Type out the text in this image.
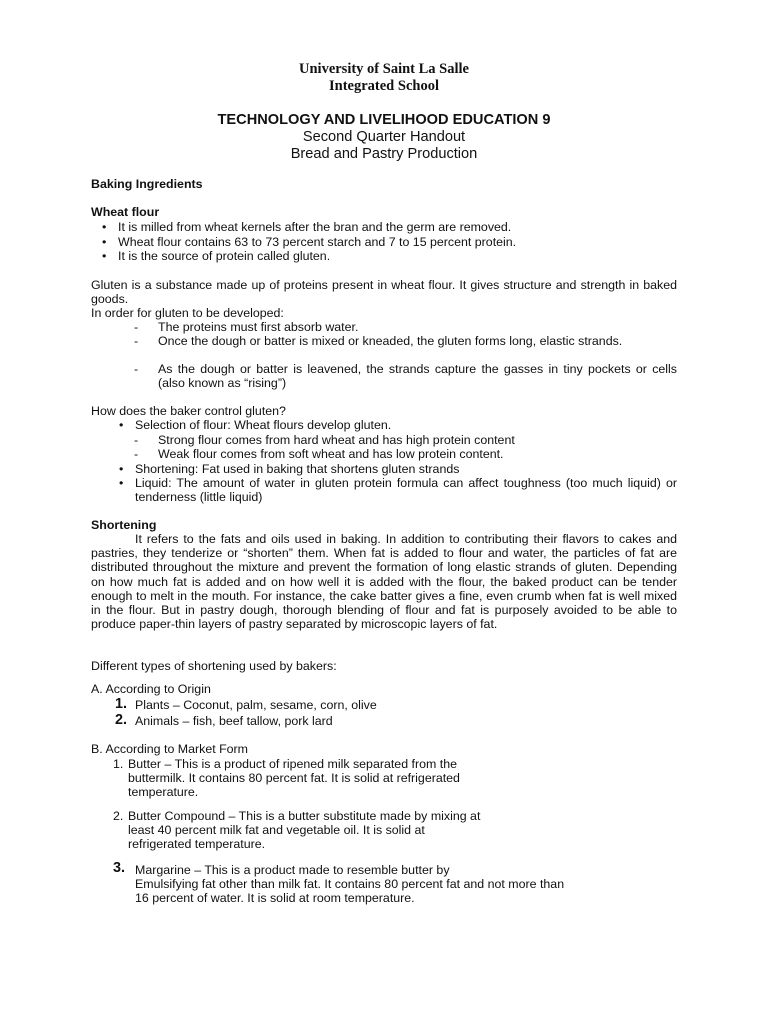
University of Saint La Salle
Integrated School
TECHNOLOGY AND LIVELIHOOD EDUCATION 9
Second Quarter Handout
Bread and Pastry Production
Baking Ingredients
Wheat flour
• It is milled from wheat kernels after the bran and the germ are removed.
• Wheat flour contains 63 to 73 percent starch and 7 to 15 percent protein.
• It is the source of protein called gluten.
Gluten is a substance made up of proteins present in wheat flour. It gives structure and strength in baked goods.
In order for gluten to be developed:
- The proteins must first absorb water.
- Once the dough or batter is mixed or kneaded, the gluten forms long, elastic strands.
- As the dough or batter is leavened, the strands capture the gasses in tiny pockets or cells (also known as “rising”)
How does the baker control gluten?
• Selection of flour: Wheat flours develop gluten.
- Strong flour comes from hard wheat and has high protein content
- Weak flour comes from soft wheat and has low protein content.
• Shortening: Fat used in baking that shortens gluten strands
• Liquid: The amount of water in gluten protein formula can affect toughness (too much liquid) or tenderness (little liquid)
Shortening
It refers to the fats and oils used in baking. In addition to contributing their flavors to cakes and pastries, they tenderize or “shorten” them. When fat is added to flour and water, the particles of fat are distributed throughout the mixture and prevent the formation of long elastic strands of gluten. Depending on how much fat is added and on how well it is added with the flour, the baked product can be tender enough to melt in the mouth. For instance, the cake batter gives a fine, even crumb when fat is well mixed in the flour. But in pastry dough, thorough blending of flour and fat is purposely avoided to be able to produce paper-thin layers of pastry separated by microscopic layers of fat.
Different types of shortening used by bakers:
A. According to Origin
1. Plants – Coconut, palm, sesame, corn, olive
2. Animals – fish, beef tallow, pork lard
B. According to Market Form
1. Butter – This is a product of ripened milk separated from the
buttermilk. It contains 80 percent fat. It is solid at refrigerated
temperature.
2. Butter Compound – This is a butter substitute made by mixing at
least 40 percent milk fat and vegetable oil. It is solid at
refrigerated temperature.
3. Margarine – This is a product made to resemble butter by
Emulsifying fat other than milk fat. It contains 80 percent fat and not more than
16 percent of water. It is solid at room temperature.
